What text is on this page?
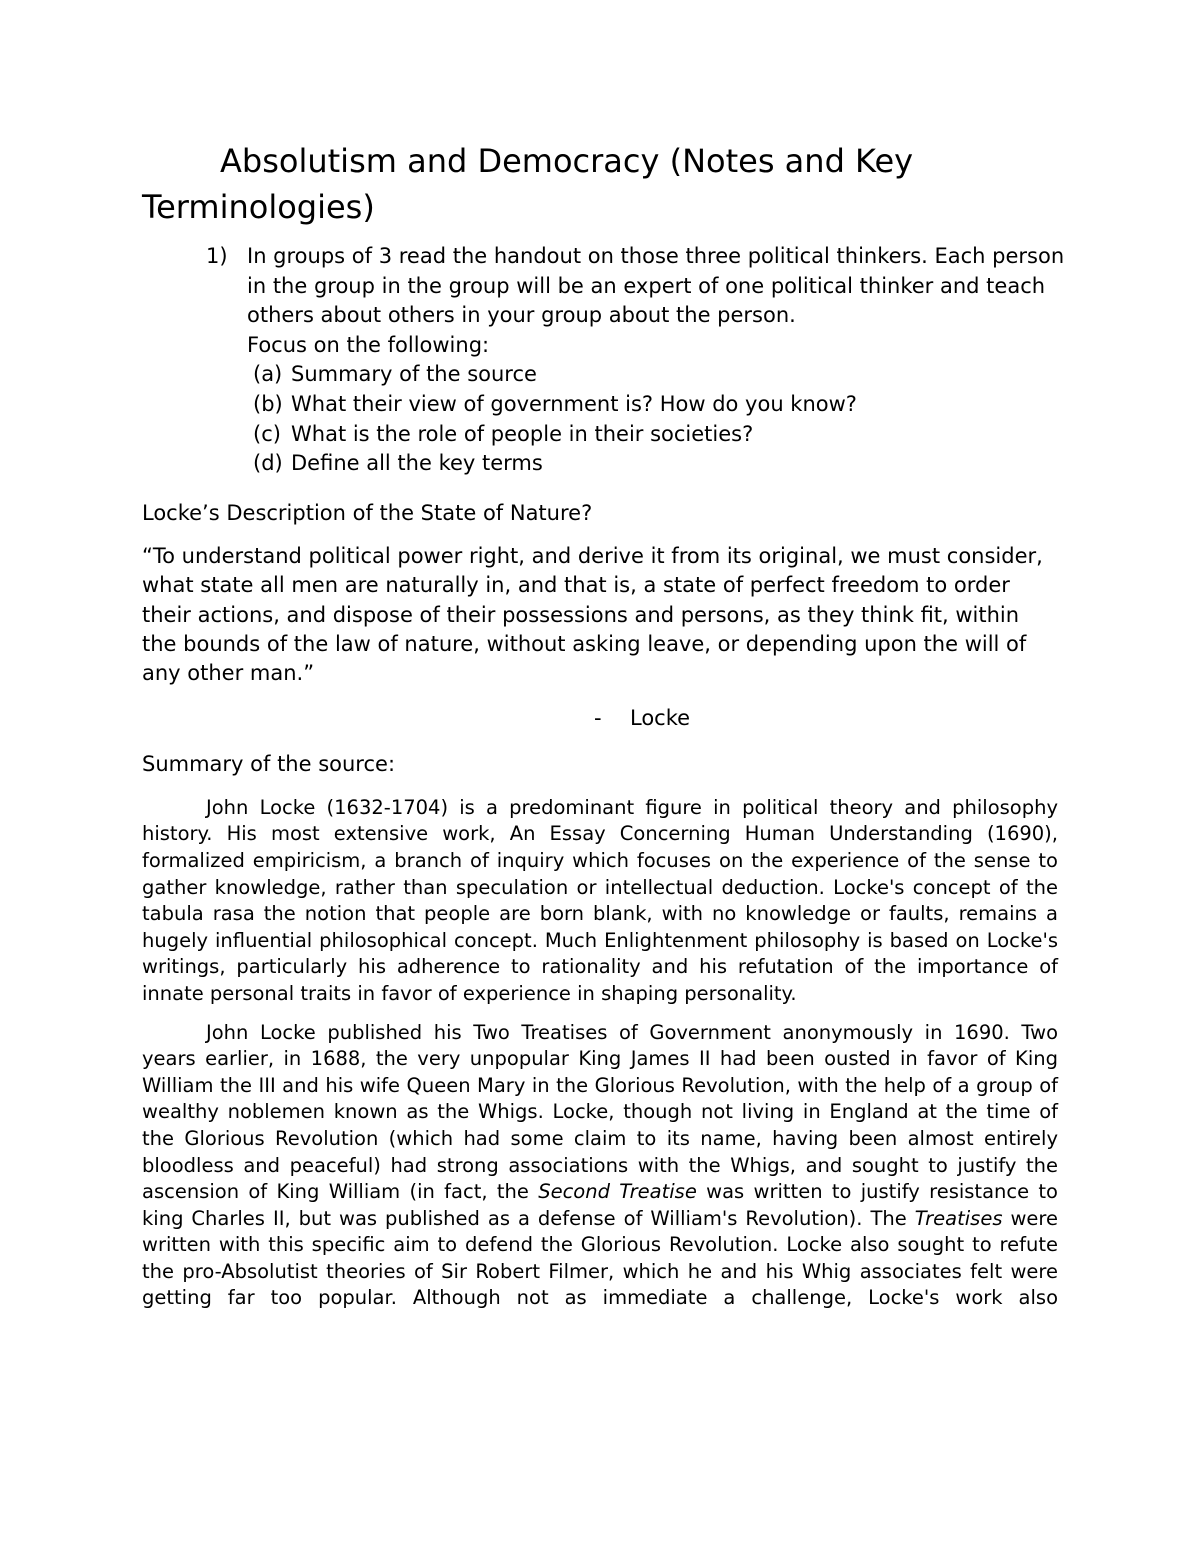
Absolutism and Democracy (Notes and Key Terminologies)
1) In groups of 3 read the handout on those three political thinkers. Each person in the group in the group will be an expert of one political thinker and teach others about others in your group about the person.
Focus on the following:
(a) Summary of the source
(b) What their view of government is? How do you know?
(c) What is the role of people in their societies?
(d) Define all the key terms
Locke’s Description of the State of Nature?
“To understand political power right, and derive it from its original, we must consider, what state all men are naturally in, and that is, a state of perfect freedom to order their actions, and dispose of their possessions and persons, as they think fit, within the bounds of the law of nature, without asking leave, or depending upon the will of any other man.”
-	Locke
Summary of the source:

John Locke (1632-1704) is a predominant figure in political theory and philosophy history. His most extensive work, An Essay Concerning Human Understanding (1690), formalized empiricism, a branch of inquiry which focuses on the experience of the sense to gather knowledge, rather than speculation or intellectual deduction. Locke's concept of the tabula rasa the notion that people are born blank, with no knowledge or faults, remains a hugely influential philosophical concept. Much Enlightenment philosophy is based on Locke's writings, particularly his adherence to rationality and his refutation of the importance of innate personal traits in favor of experience in shaping personality.

John Locke published his Two Treatises of Government anonymously in 1690. Two years earlier, in 1688, the very unpopular King James II had been ousted in favor of King William the III and his wife Queen Mary in the Glorious Revolution, with the help of a group of wealthy noblemen known as the Whigs. Locke, though not living in England at the time of the Glorious Revolution (which had some claim to its name, having been almost entirely bloodless and peaceful) had strong associations with the Whigs, and sought to justify the ascension of King William (in fact, the Second Treatise was written to justify resistance to king Charles II, but was published as a defense of William's Revolution). The Treatises were written with this specific aim to defend the Glorious Revolution. Locke also sought to refute the pro-Absolutist theories of Sir Robert Filmer, which he and his Whig associates felt were getting far too popular. Although not as immediate a challenge, Locke's work also
